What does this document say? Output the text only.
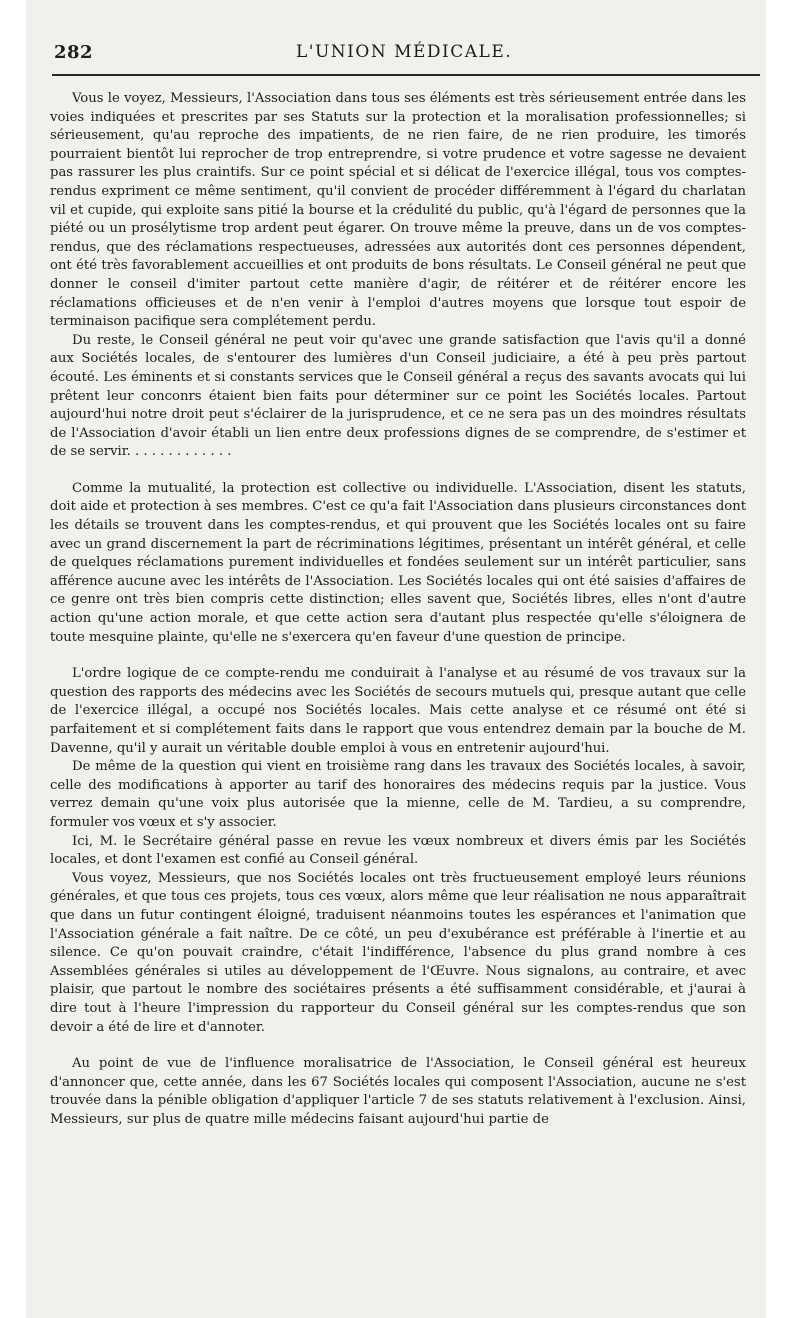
282	L'UNION MÉDICALE.

Vous le voyez, Messieurs, l'Association dans tous ses éléments est très sérieusement entrée dans les voies indiquées et prescrites par ses Statuts sur la protection et la moralisation professionnelles; si sérieusement, qu'au reproche des impatients, de ne rien faire, de ne rien produire, les timorés pourraient bientôt lui reprocher de trop entreprendre, si votre prudence et votre sagesse ne devaient pas rassurer les plus craintifs. Sur ce point spécial et si délicat de l'exercice illégal, tous vos comptes-rendus expriment ce même sentiment, qu'il convient de procéder différemment à l'égard du charlatan vil et cupide, qui exploite sans pitié la bourse et la crédulité du public, qu'à l'égard de personnes que la piété ou un prosélytisme trop ardent peut égarer. On trouve même la preuve, dans un de vos comptes-rendus, que des réclamations respectueuses, adressées aux autorités dont ces personnes dépendent, ont été très favorablement accueillies et ont produits de bons résultats. Le Conseil général ne peut que donner le conseil d'imiter partout cette manière d'agir, de réitérer et de réitérer encore les réclamations officieuses et de n'en venir à l'emploi d'autres moyens que lorsque tout espoir de terminaison pacifique sera complétement perdu.

Du reste, le Conseil général ne peut voir qu'avec une grande satisfaction que l'avis qu'il a donné aux Sociétés locales, de s'entourer des lumières d'un Conseil judiciaire, a été à peu près partout écouté. Les éminents et si constants services que le Conseil général a reçus des savants avocats qui lui prêtent leur conconrs étaient bien faits pour déterminer sur ce point les Sociétés locales. Partout aujourd'hui notre droit peut s'éclairer de la jurisprudence, et ce ne sera pas un des moindres résultats de l'Association d'avoir établi un lien entre deux professions dignes de se comprendre, de s'estimer et de se servir. . . . . . . . . . . . .

Comme la mutualité, la protection est collective ou individuelle. L'Association, disent les statuts, doit aide et protection à ses membres. C'est ce qu'a fait l'Association dans plusieurs circonstances dont les détails se trouvent dans les comptes-rendus, et qui prouvent que les Sociétés locales ont su faire avec un grand discernement la part de récriminations légitimes, présentant un intérêt général, et celle de quelques réclamations purement individuelles et fondées seulement sur un intérêt particulier, sans afférence aucune avec les intérêts de l'Association. Les Sociétés locales qui ont été saisies d'affaires de ce genre ont très bien compris cette distinction; elles savent que, Sociétés libres, elles n'ont d'autre action qu'une action morale, et que cette action sera d'autant plus respectée qu'elle s'éloignera de toute mesquine plainte, qu'elle ne s'exercera qu'en faveur d'une question de principe.

L'ordre logique de ce compte-rendu me conduirait à l'analyse et au résumé de vos travaux sur la question des rapports des médecins avec les Sociétés de secours mutuels qui, presque autant que celle de l'exercice illégal, a occupé nos Sociétés locales. Mais cette analyse et ce résumé ont été si parfaitement et si complétement faits dans le rapport que vous entendrez demain par la bouche de M. Davenne, qu'il y aurait un véritable double emploi à vous en entretenir aujourd'hui.

De même de la question qui vient en troisième rang dans les travaux des Sociétés locales, à savoir, celle des modifications à apporter au tarif des honoraires des médecins requis par la justice. Vous verrez demain qu'une voix plus autorisée que la mienne, celle de M. Tardieu, a su comprendre, formuler vos vœux et s'y associer.

Ici, M. le Secrétaire général passe en revue les vœux nombreux et divers émis par les Sociétés locales, et dont l'examen est confié au Conseil général.

Vous voyez, Messieurs, que nos Sociétés locales ont très fructueusement employé leurs réunions générales, et que tous ces projets, tous ces vœux, alors même que leur réalisation ne nous apparaîtrait que dans un futur contingent éloigné, traduisent néanmoins toutes les espérances et l'animation que l'Association générale a fait naître. De ce côté, un peu d'exubérance est préférable à l'inertie et au silence. Ce qu'on pouvait craindre, c'était l'indifférence, l'absence du plus grand nombre à ces Assemblées générales si utiles au développement de l'Œuvre. Nous signalons, au contraire, et avec plaisir, que partout le nombre des sociétaires présents a été suffisamment considérable, et j'aurai à dire tout à l'heure l'impression du rapporteur du Conseil général sur les comptes-rendus que son devoir a été de lire et d'annoter.

Au point de vue de l'influence moralisatrice de l'Association, le Conseil général est heureux d'annoncer que, cette année, dans les 67 Sociétés locales qui composent l'Association, aucune ne s'est trouvée dans la pénible obligation d'appliquer l'article 7 de ses statuts relativement à l'exclusion. Ainsi, Messieurs, sur plus de quatre mille médecins faisant aujourd'hui partie de
